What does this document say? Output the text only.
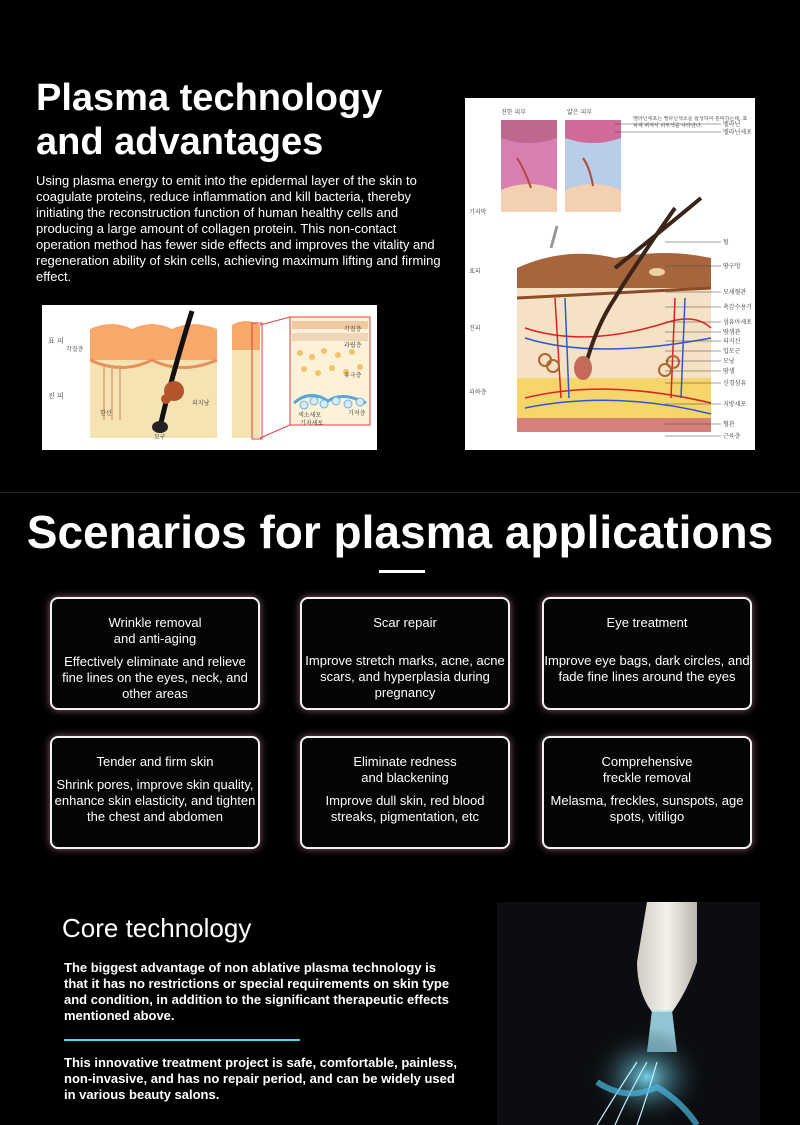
Plasma technology
and advantages
Using plasma energy to emit into the epidermal layer of the skin to coagulate proteins, reduce inflammation and kill bacteria, thereby initiating the reconstruction function of human healthy cells and producing a large amount of collagen protein. This non-contact operation method has fewer side effects and improves the vitality and regeneration ability of skin cells, achieving maximum lifting and firming effect.
표 피
진 피
각질층
한선
모구
피지낭
각질층
과립층
유극층
색소세포
기저세포
기저층
진한 피부	얇은 피부
멜라닌세포는 멜라닌색소를 합성하여 분비하는데, 표피에 퍼져서 피부색을 나타낸다.
기저막
표피
진피
피하층
멜라닌
멜라닌세포
털
땀구멍
모세혈관
촉감수용기
섬유아세포
땀샘관
피지선
입모근
모낭
땀샘
신경섬유
지방세포
혈관
근육층
Scenarios for plasma applications
Wrinkle removal
and anti-aging
Effectively eliminate and relieve fine lines on the eyes, neck, and other areas
Scar repair
Improve stretch marks, acne, acne scars, and hyperplasia during pregnancy
Eye treatment
Improve eye bags, dark circles, and fade fine lines around the eyes
Tender and firm skin
Shrink pores, improve skin quality, enhance skin elasticity, and tighten the chest and abdomen
Eliminate redness
and blackening
Improve dull skin, red blood streaks, pigmentation, etc
Comprehensive
freckle removal
Melasma, freckles, sunspots, age spots, vitiligo
Core technology
The biggest advantage of non ablative plasma technology is that it has no restrictions or special requirements on skin type and condition, in addition to the significant therapeutic effects mentioned above.
This innovative treatment project is safe, comfortable, painless, non-invasive, and has no repair period, and can be widely used in various beauty salons.
